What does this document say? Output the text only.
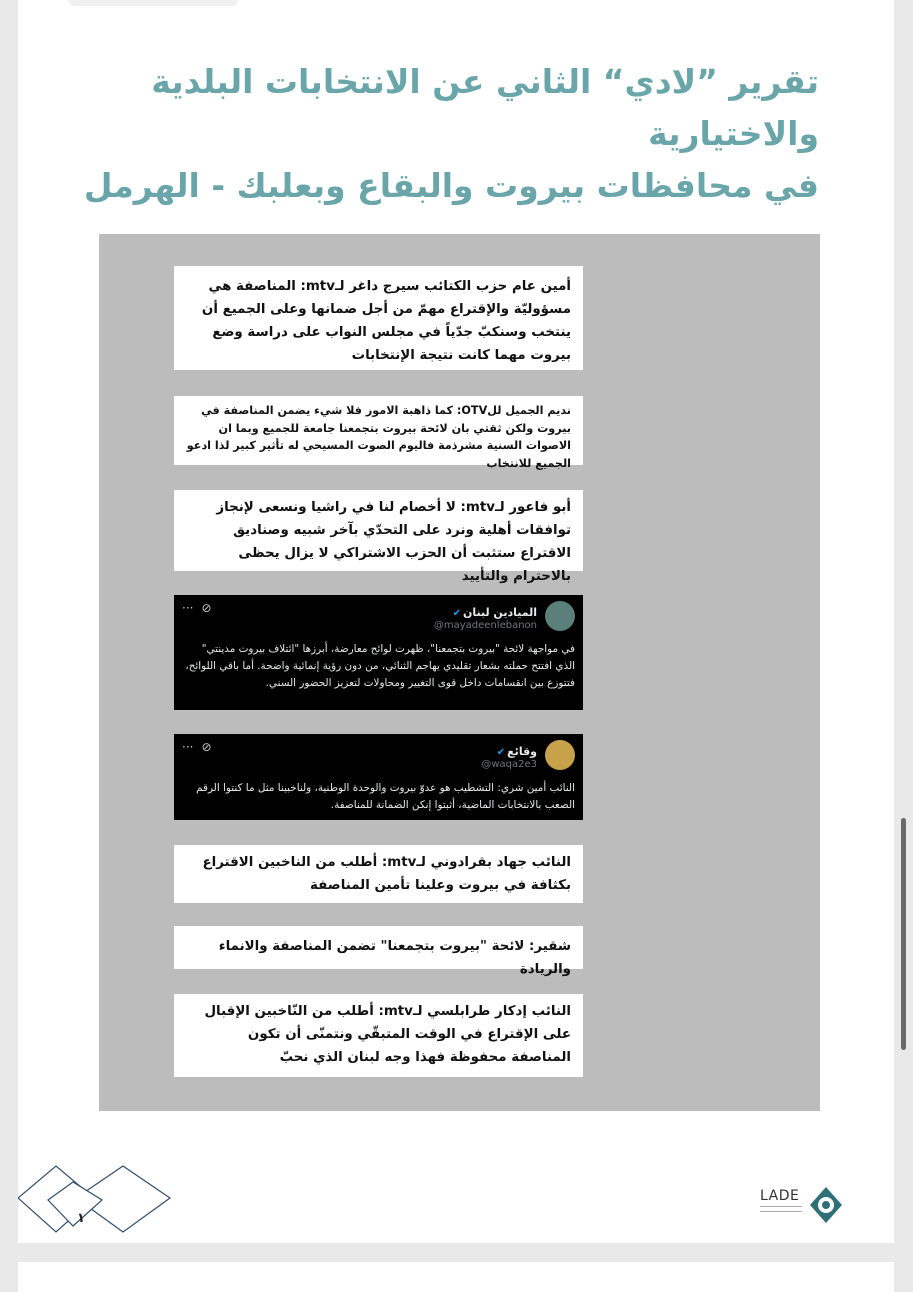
تقرير ”لادي“ الثاني عن الانتخابات البلدية والاختيارية
في محافظات بيروت والبقاع وبعلبك - الهرمل

أمين عام حزب الكتائب سيرج داغر لـmtv: المناصفة هي مسؤوليّة والإقتراع مهمّ من أجل ضمانها وعلى الجميع أن ينتخب وسنكبّ جدّياً في مجلس النواب على دراسة وضع بيروت مهما كانت نتيجة الإنتخابات

نديم الجميل للOTV: كما ذاهبة الامور فلا شيء يضمن المناصفة في بيروت ولكن ثقتي بان لائحة بيروت بتجمعنا جامعة للجميع وبما ان الاصوات السنية مشرذمة فاليوم الصوت المسيحي له تأثير كبير لذا ادعو الجميع للانتخاب

أبو فاعور لـmtv: لا أخصام لنا في راشيا ونسعى لإنجاز توافقات أهلية ونرد على التحدّي بآخر شبيه وصناديق الاقتراع ستثبت أن الحزب الاشتراكي لا يزال يحظى بالاحترام والتأييد

الميادين لبنان✔
@mayadeenlebanon
··· ⊘
في مواجهة لائحة "بيروت بتجمعنا"، ظهرت لوائح معارضة، أبرزها "ائتلاف بيروت مدينتي" الذي افتتح حملته بشعار تقليدي يهاجم الثنائي، من دون رؤية إنمائية واضحة. أما باقي اللوائح، فتتوزع بين انقسامات داخل قوى التغيير ومحاولات لتعزيز الحضور السني.
وقائع✔
@waqa2e3
··· ⊘
النائب أمين شري: التشطيب هو عدوّ بيروت والوحدة الوطنية، ولناخبينا مثل ما كنتوا الرقم الصعب بالانتخابات الماضية، أثبتوا إنكن الضمانة للمناصفة.

النائب جهاد بقرادوني لـmtv: أطلب من الناخبين الاقتراع بكثافة في بيروت وعلينا تأمين المناصفة

شقير: لائحة "بيروت بتجمعنا" تضمن المناصفة والانماء والريادة

النائب إدكار طرابلسي لـmtv: أطلب من النّاخبين الإقبال على الإقتراع في الوقت المتبقّي ونتمنّى أن تكون المناصفة محفوظة فهذا وجه لبنان الذي نحبّ

١
LADE
